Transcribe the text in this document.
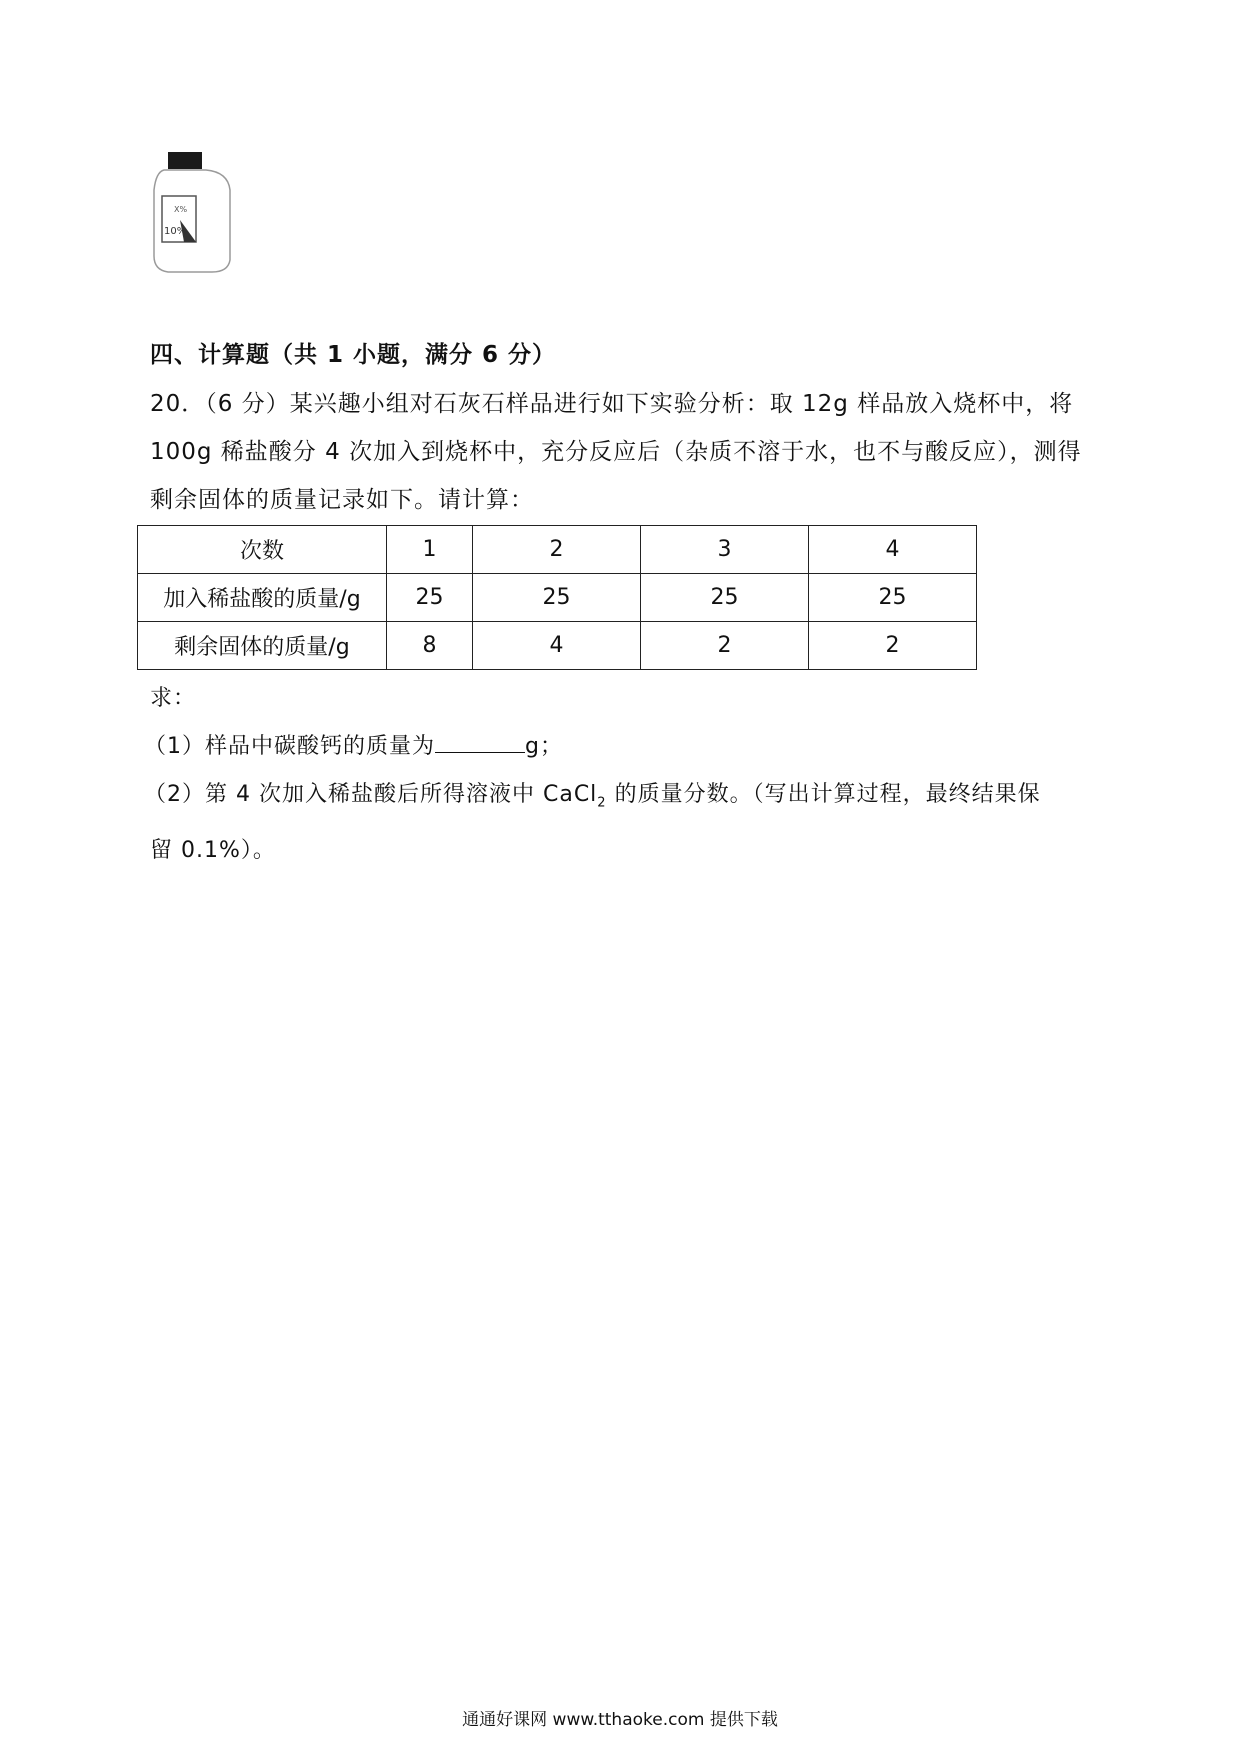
X%
10%
四、计算题（共 1 小题，满分 6 分）

20．（6 分）某兴趣小组对石灰石样品进行如下实验分析：取 12g 样品放入烧杯中，将

100g 稀盐酸分 4 次加入到烧杯中，充分反应后（杂质不溶于水，也不与酸反应），测得

剩余固体的质量记录如下。请计算：

次数	1	2	3	4
加入稀盐酸的质量/g	25	25	25	25
剩余固体的质量/g	8	4	2	2

求：

（1）样品中碳酸钙的质量为	g；

（2）第 4 次加入稀盐酸后所得溶液中 CaCl$_2$ 的质量分数。（写出计算过程，最终结果保

留 0.1%）。

通通好课网 www.tthaoke.com 提供下载
